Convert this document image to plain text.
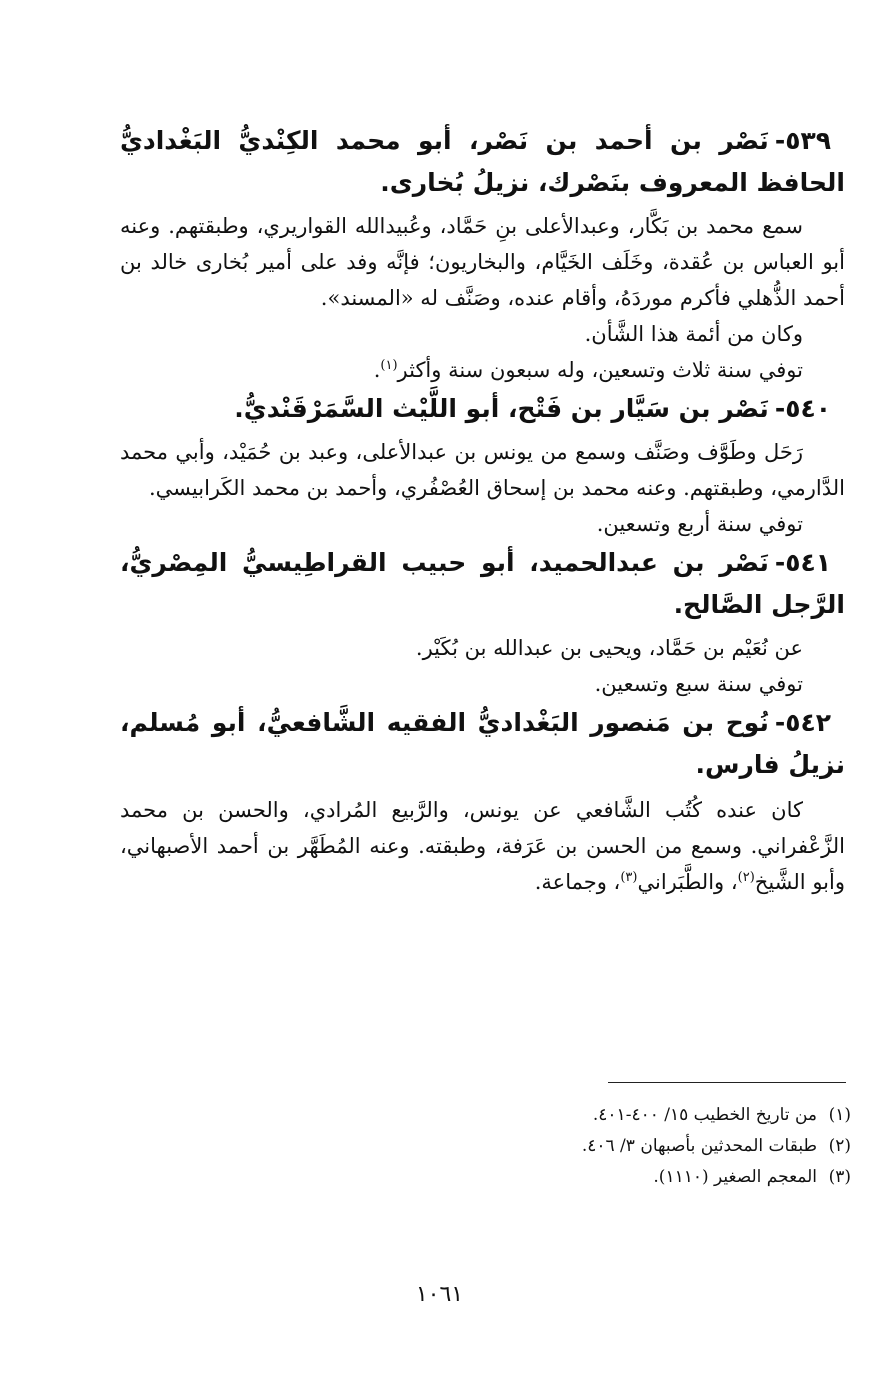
٥٣٩-نَصْر بن أحمد بن نَصْر، أبو محمد الكِنْديُّ البَغْداديُّ الحافظ المعروف بنَصْرك، نزيلُ بُخارى.

سمع محمد بن بَكَّار، وعبدالأعلى بنِ حَمَّاد، وعُبيدالله القواريري، وطبقتهم. وعنه أبو العباس بن عُقدة، وخَلَف الخَيَّام، والبخاريون؛ فإنَّه وفد على أمير بُخارى خالد بن أحمد الذُّهلي فأكرم موردَهُ، وأقام عنده، وصَنَّف له «المسند».

وكان من أئمة هذا الشَّأن.

توفي سنة ثلاث وتسعين، وله سبعون سنة وأكثر$^{(١)}$.

٥٤٠-نَصْر بن سَيَّار بن فَتْح، أبو اللَّيْث السَّمَرْقَنْديُّ.

رَحَل وطَوَّف وصَنَّف وسمع من يونس بن عبدالأعلى، وعبد بن حُمَيْد، وأبي محمد الدَّارمي، وطبقتهم. وعنه محمد بن إسحاق العُصْفُري، وأحمد بن محمد الكَرابيسي.

توفي سنة أربع وتسعين.

٥٤١-نَصْر بن عبدالحميد، أبو حبيب القراطِيسيُّ المِصْريُّ، الرَّجل الصَّالح.

عن نُعَيْم بن حَمَّاد، ويحيى بن عبدالله بن بُكَيْر.

توفي سنة سبع وتسعين.

٥٤٢-نُوح بن مَنصور البَغْداديُّ الفقيه الشَّافعيُّ، أبو مُسلم، نزيلُ فارس.

كان عنده كُتُب الشَّافعي عن يونس، والرَّبيع المُرادي، والحسن بن محمد الزَّعْفراني. وسمع من الحسن بن عَرَفة، وطبقته. وعنه المُطَهَّر بن أحمد الأصبهاني، وأبو الشَّيخ$^{(٢)}$، والطَّبَراني$^{(٣)}$، وجماعة.

(١)من تاريخ الخطيب ١٥/ ٤٠٠-٤٠١.
(٢)طبقات المحدثين بأصبهان ٣/ ٤٠٦.
(٣)المعجم الصغير (١١١٠).
١٠٦١
